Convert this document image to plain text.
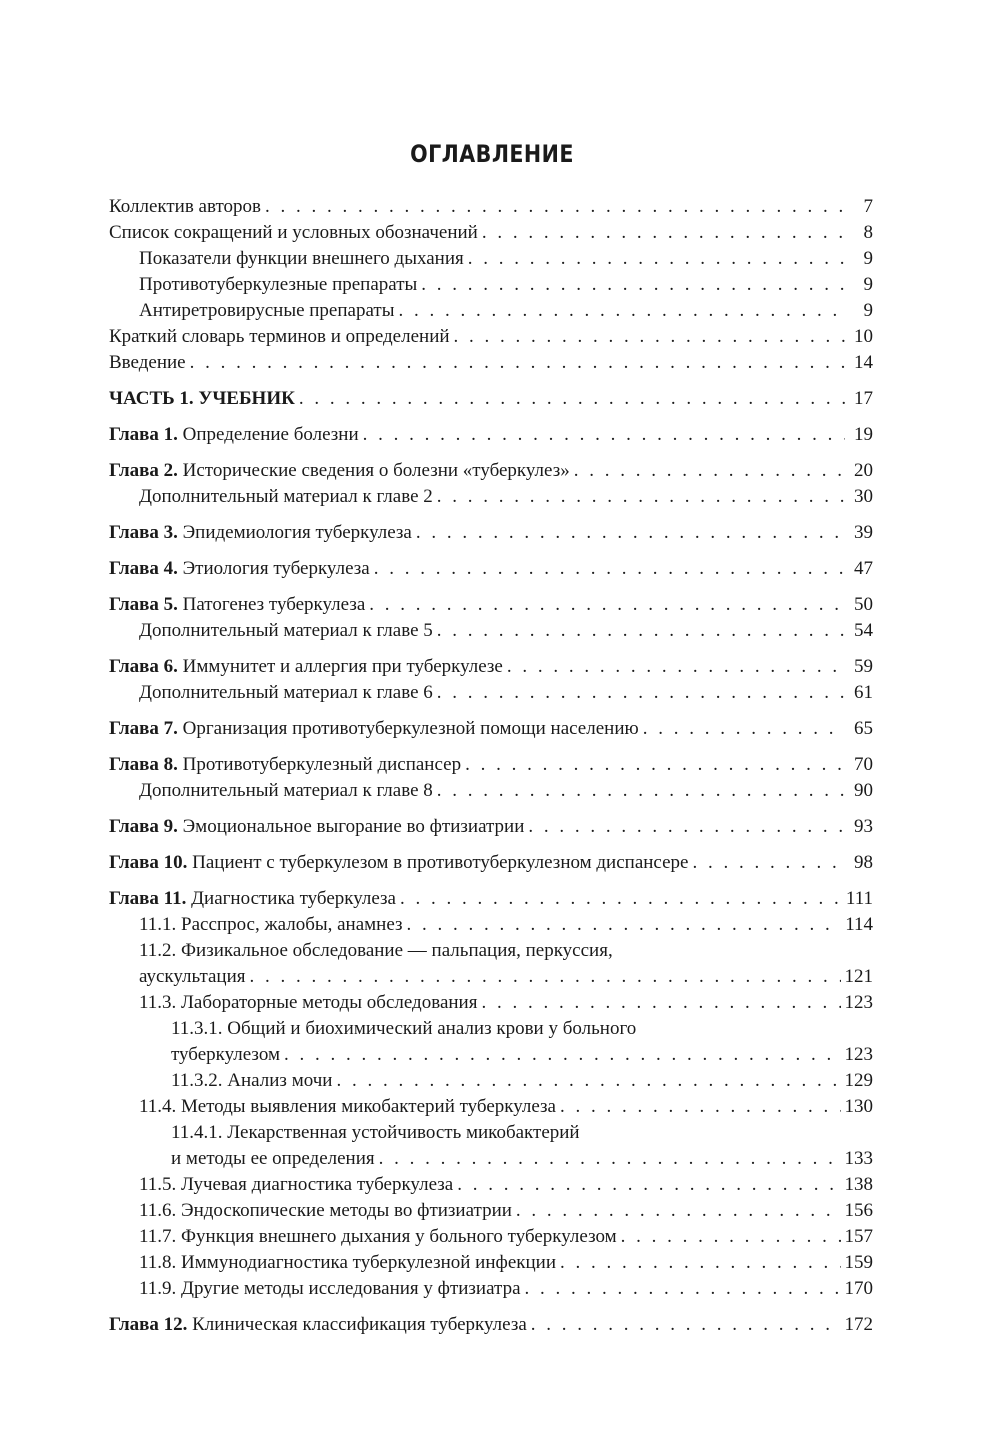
ОГЛАВЛЕНИЕ
Коллектив авторов . . .	7
Список сокращений и условных обозначений . . .	8
Показатели функции внешнего дыхания . . .	9
Противотуберкулезные препараты . . .	9
Антиретровирусные препараты . . .	9
Краткий словарь терминов и определений . . .	10
Введение . . .	14
ЧАСТЬ 1. УЧЕБНИК . . .	17
Глава 1. Определение болезни . . .	19
Глава 2. Исторические сведения о болезни «туберкулез» . . .	20
Дополнительный материал к главе 2 . . .	30
Глава 3. Эпидемиология туберкулеза . . .	39
Глава 4. Этиология туберкулеза . . .	47
Глава 5. Патогенез туберкулеза . . .	50
Дополнительный материал к главе 5 . . .	54
Глава 6. Иммунитет и аллергия при туберкулезе . . .	59
Дополнительный материал к главе 6 . . .	61
Глава 7. Организация противотуберкулезной помощи населению . . .	65
Глава 8. Противотуберкулезный диспансер . . .	70
Дополнительный материал к главе 8 . . .	90
Глава 9. Эмоциональное выгорание во фтизиатрии . . .	93
Глава 10. Пациент с туберкулезом в противотуберкулезном диспансере . . .	98
Глава 11. Диагностика туберкулеза . . .	111
11.1. Расспрос, жалобы, анамнез . . .	114
11.2. Физикальное обследование — пальпация, перкуссия,
аускультация . . .	121
11.3. Лабораторные методы обследования . . .	123
11.3.1. Общий и биохимический анализ крови у больного
туберкулезом . . .	123
11.3.2. Анализ мочи . . .	129
11.4. Методы выявления микобактерий туберкулеза . . .	130
11.4.1. Лекарственная устойчивость микобактерий
и методы ее определения . . .	133
11.5. Лучевая диагностика туберкулеза . . .	138
11.6. Эндоскопические методы во фтизиатрии . . .	156
11.7. Функция внешнего дыхания у больного туберкулезом . . .	157
11.8. Иммунодиагностика туберкулезной инфекции . . .	159
11.9. Другие методы исследования у фтизиатра . . .	170
Глава 12. Клиническая классификация туберкулеза . . .	172
